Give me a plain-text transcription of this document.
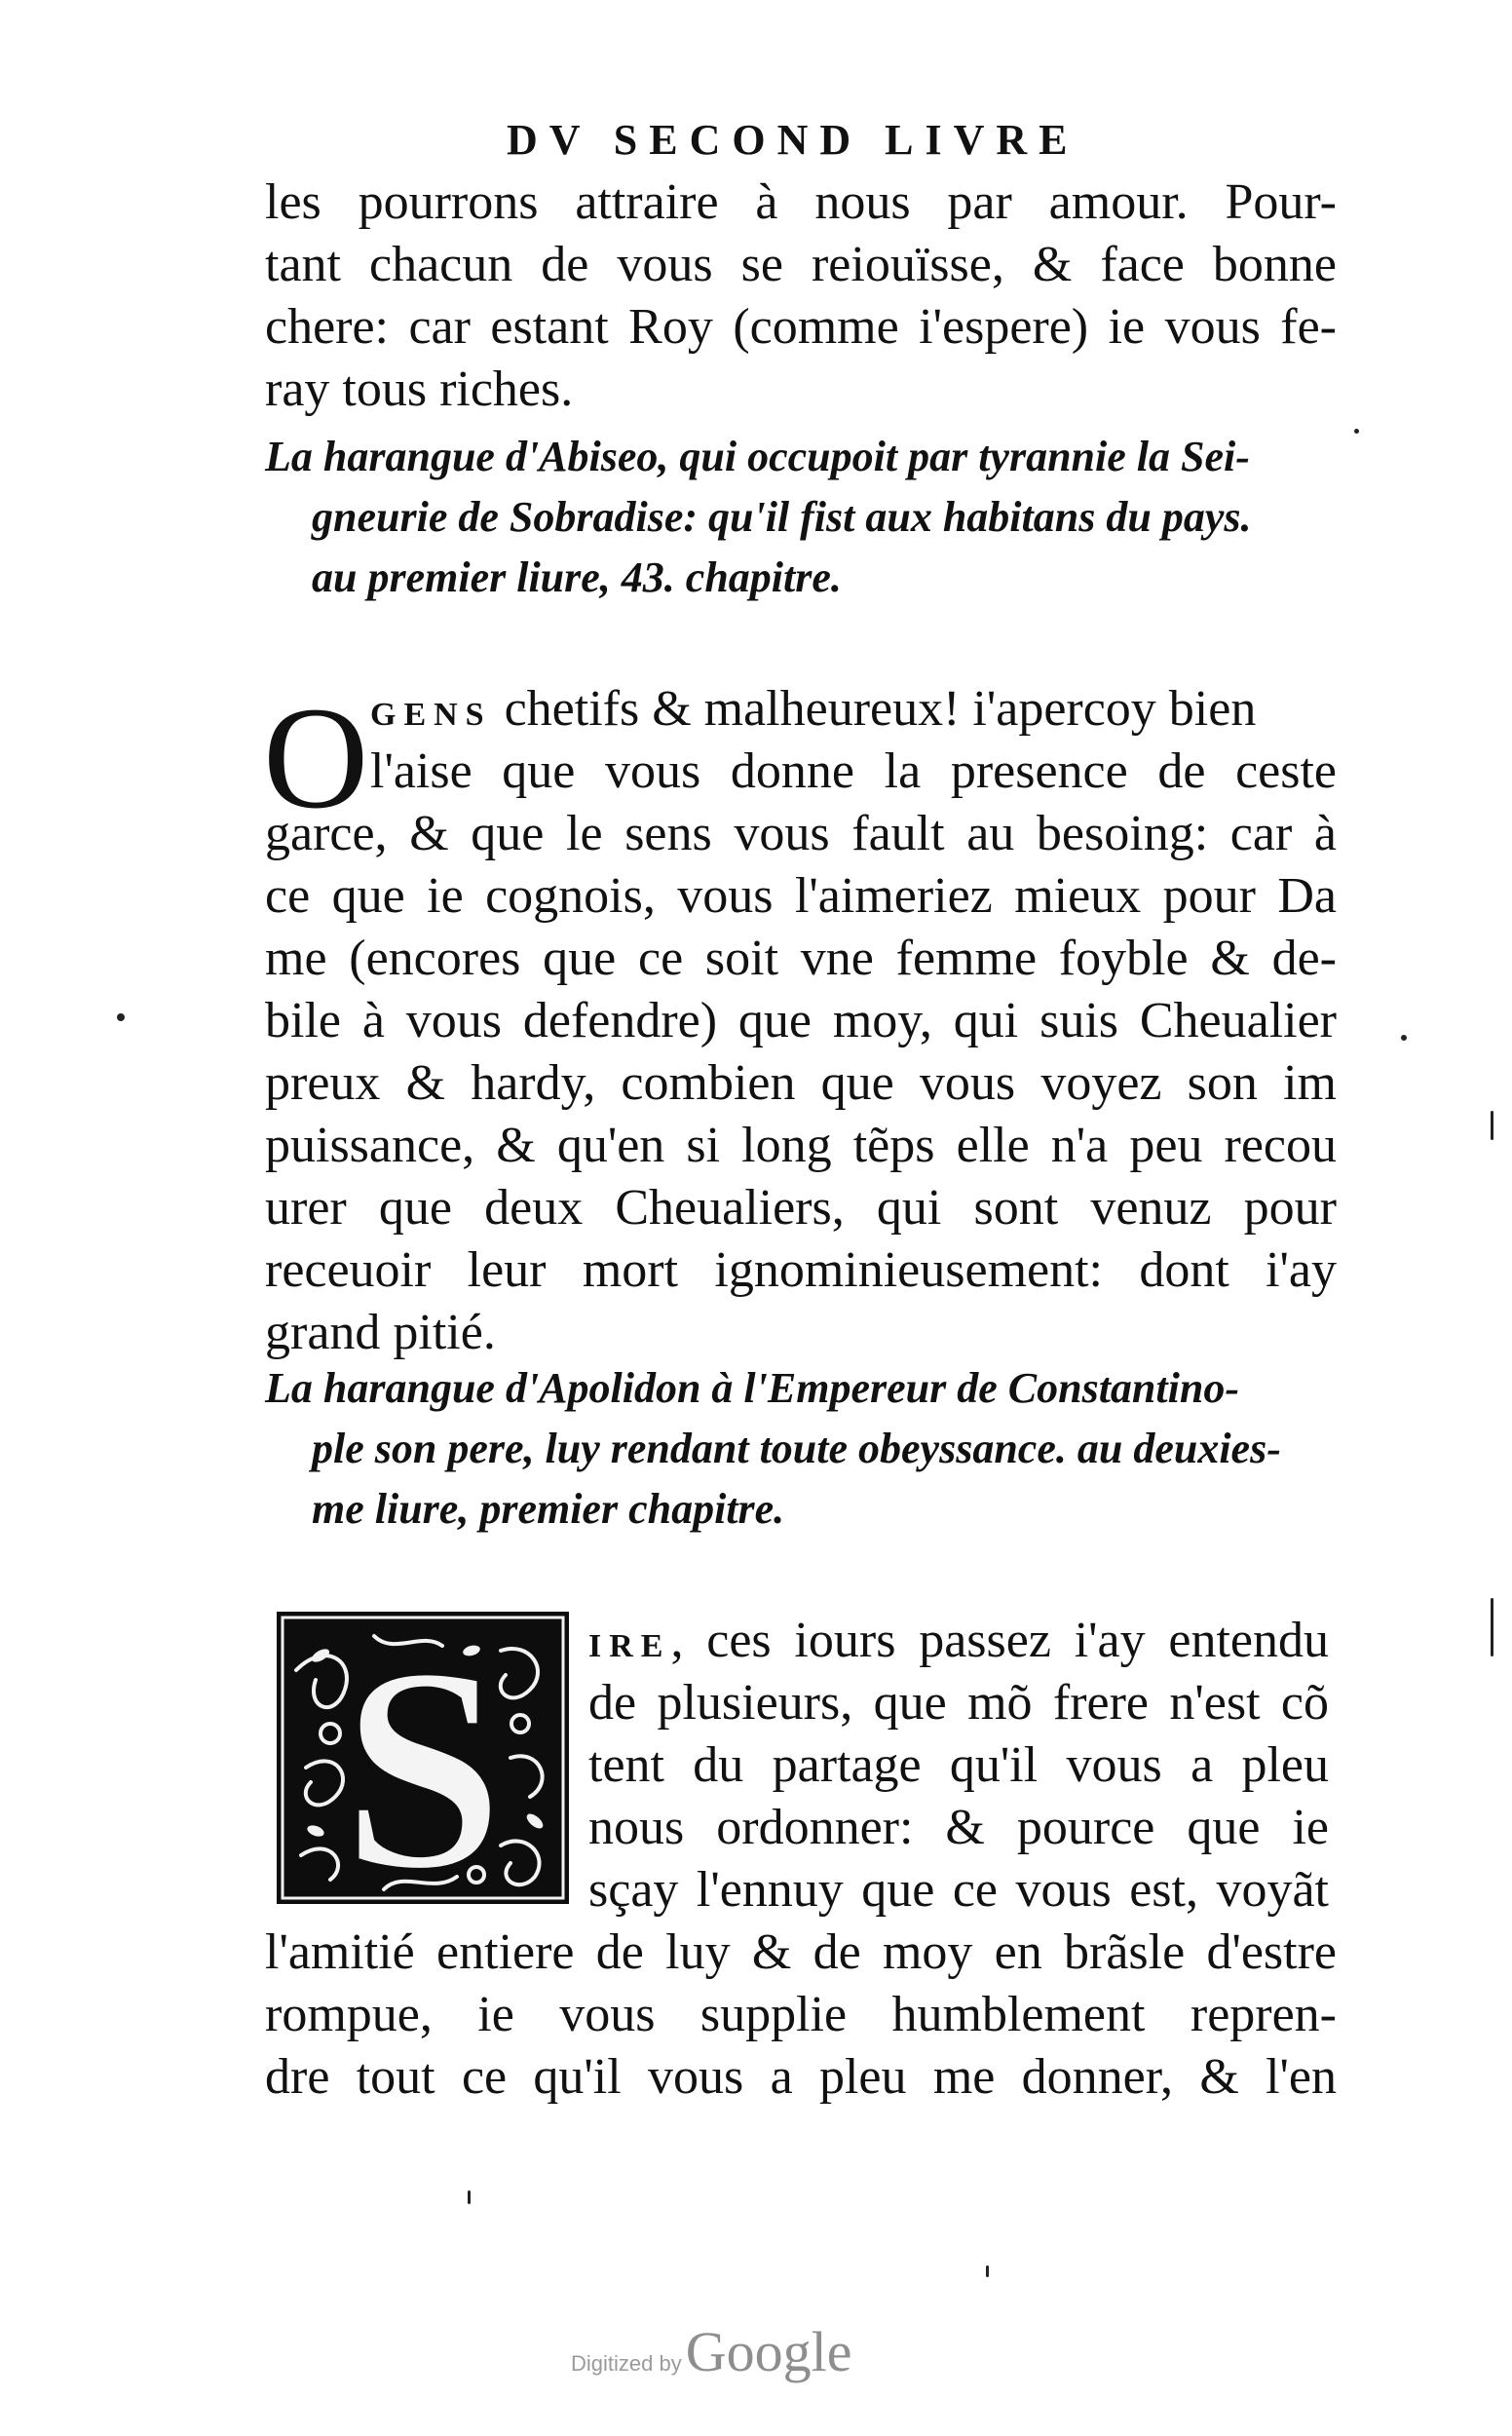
DV SECOND LIVRE
les pourrons attraire à nous par amour. Pour-
tant chacun de vous se reiouïsse, & face bonne
chere: car estant Roy (comme i'espere) ie vous fe-
ray tous riches.
La harangue d'Abiseo, qui occupoit par tyrannie la Sei-
gneurie de Sobradise: qu'il fist aux habitans du pays.
au premier liure, 43. chapitre.
O GENS chetifs & malheureux! i'apercoy bien
l'aise que vous donne la presence de ceste
garce, & que le sens vous fault au besoing: car à
ce que ie cognois, vous l'aimeriez mieux pour Da
me (encores que ce soit vne femme foyble & de-
bile à vous defendre) que moy, qui suis Cheualier
preux & hardy, combien que vous voyez son im
puissance, & qu'en si long tẽps elle n'a peu recou
urer que deux Cheualiers, qui sont venuz pour
receuoir leur mort ignominieusement: dont i'ay
grand pitié.
La harangue d'Apolidon à l'Empereur de Constantino-
ple son pere, luy rendant toute obeyssance. au deuxies-
me liure, premier chapitre.
S	IRE, ces iours passez i'ay entendu
de plusieurs, que mõ frere n'est cõ
tent du partage qu'il vous a pleu
nous ordonner: & pource que ie
sçay l'ennuy que ce vous est, voyãt
l'amitié entiere de luy & de moy en brãsle d'estre
rompue, ie vous supplie humblement repren-
dre tout ce qu'il vous a pleu me donner, & l'en
Digitized by Google
